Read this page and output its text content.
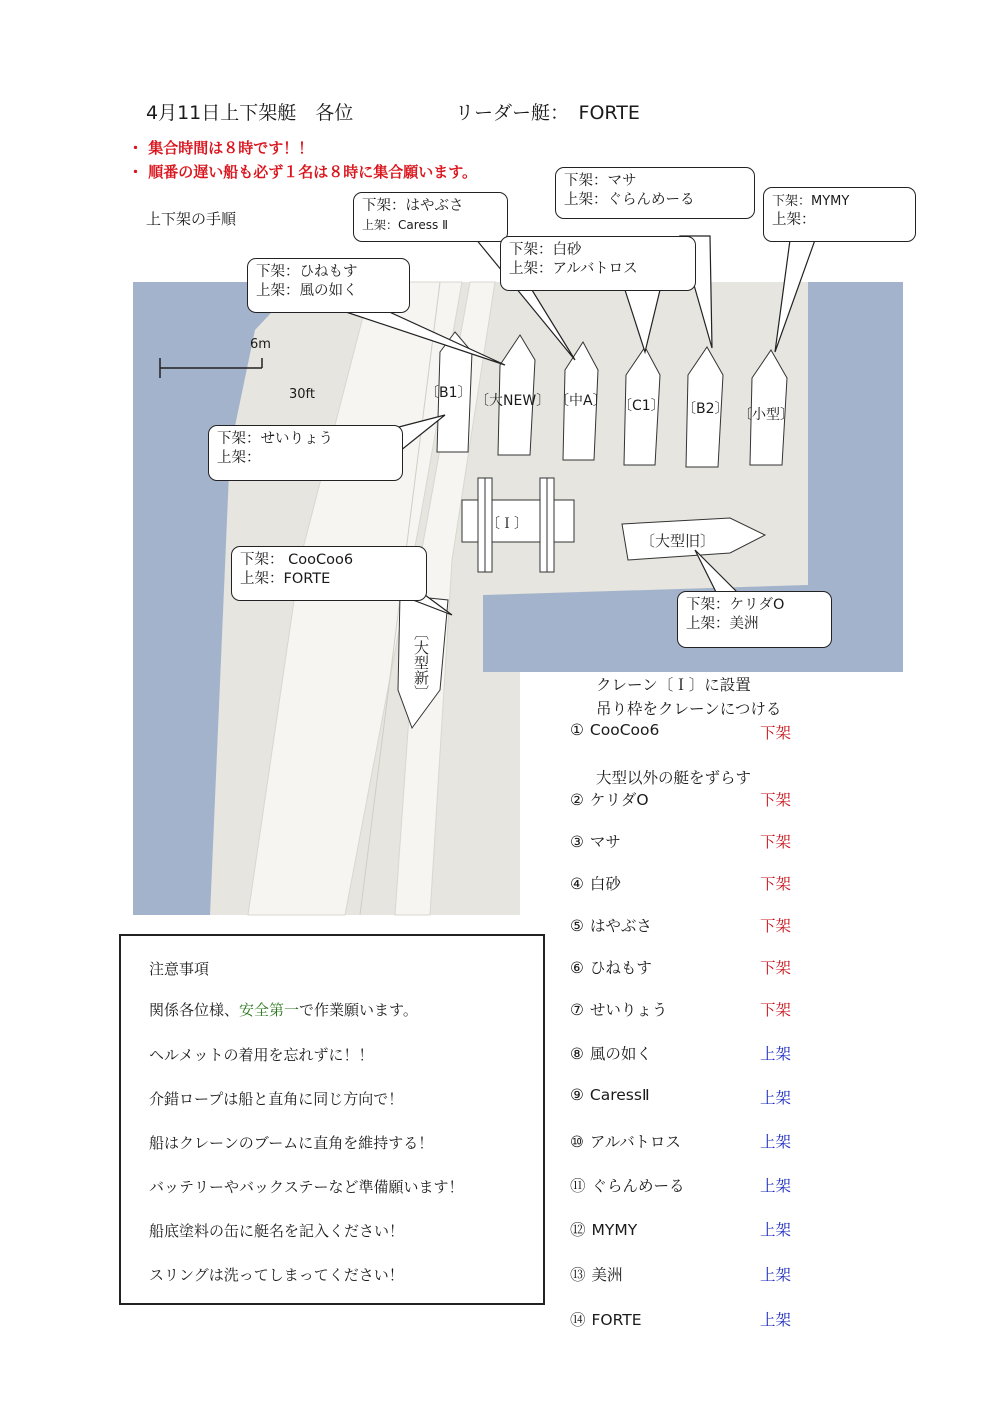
4月11日上下架艇　各位	リーダー艇：　 FORTE
・ 集合時間は８時です！！
・ 順番の遅い船も必ず１名は８時に集合願います。
上下架の手順
6m
30ft	〔B1〕 〔大NEW〕 〔中A〕 〔C1〕 〔B2〕 〔小型〕
〔Ｉ〕
〔大型旧〕
〔大型新〕
下架：はやぶさ
上架：Caress Ⅱ
下架：マサ
上架：ぐらんめーる	下架：MYMY
上架：
下架：白砂
上架：アルバトロス
下架：ひねもす
上架：風の如く
下架：せいりょう
上架：
下架： CooCoo6
上架：FORTE
下架：ケリダO
上架：美洲
クレーン〔Ｉ〕に設置
吊り枠をクレーンにつける
大型以外の艇をずらす
① CooCoo6	下架
② ケリダO	下架
③ マサ	下架
④ 白砂	下架
⑤ はやぶさ	下架
⑥ ひねもす	下架
⑦ せいりょう	下架
⑧ 風の如く	上架
⑨ CaressⅡ	上架
⑩ アルバトロス	上架
⑪ ぐらんめーる	上架
⑫ MYMY	上架
⑬ 美洲	上架
⑭ FORTE	上架
注意事項
関係各位様、安全第一で作業願います。
ヘルメットの着用を忘れずに！！
介錯ロープは船と直角に同じ方向で！
船はクレーンのブームに直角を維持する！
バッテリーやバックステーなど準備願います！
船底塗料の缶に艇名を記入ください！
スリングは洗ってしまってください！
